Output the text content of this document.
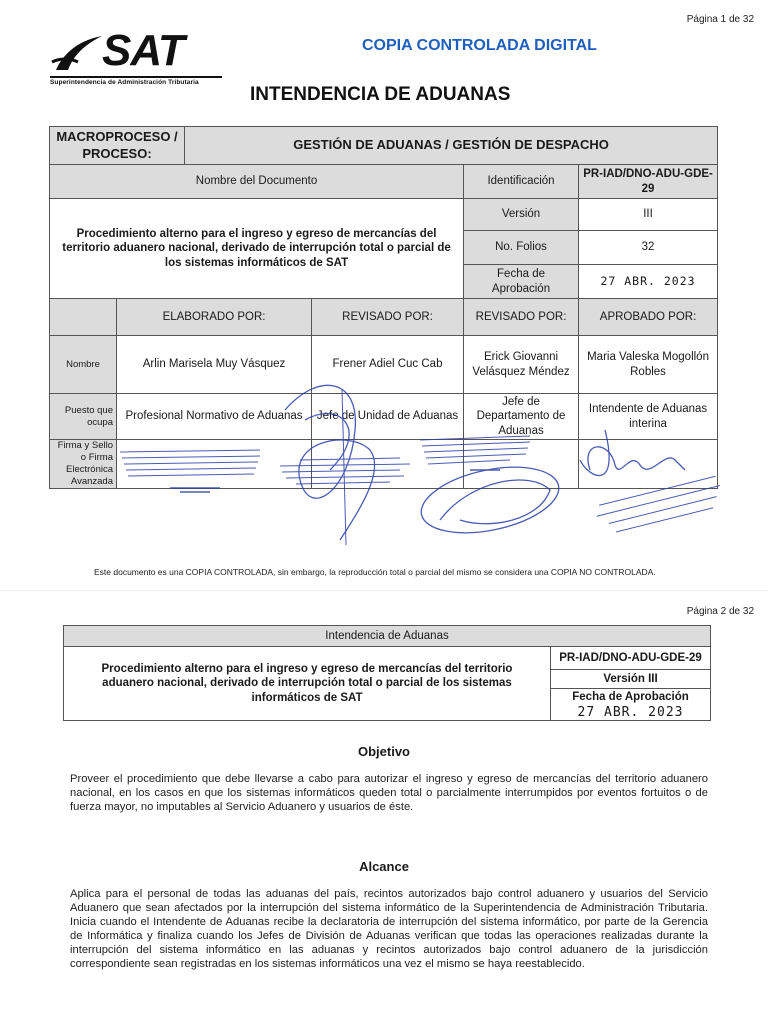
Página 1 de 32
SAT
Superintendencia de Administración Tributaria
COPIA CONTROLADA DIGITAL
INTENDENCIA DE ADUANAS
MACROPROCESO / PROCESO:		GESTIÓN DE ADUANAS / GESTIÓN DE DESPACHO			
Nombre del Documento				Identificación	PR-IAD/DNO-ADU-GDE-29
Procedimiento alterno para el ingreso y egreso de mercancías del territorio aduanero nacional, derivado de interrupción total o parcial de los sistemas informáticos de SAT				Versión	III
				No. Folios	32
				Fecha de Aprobación	27 ABR. 2023
	ELABORADO POR:		REVISADO POR:	REVISADO POR:	APROBADO POR:
Nombre	Arlin Marisela Muy Vásquez		Frener Adiel Cuc Cab	Erick Giovanni Velásquez Méndez	Maria Valeska Mogollón Robles
Puesto que ocupa	Profesional Normativo de Aduanas		Jefe de Unidad de Aduanas	Jefe de Departamento de Aduanas	Intendente de Aduanas interina
Firma y Sello o Firma Electrónica Avanzada					
Este documento es una COPIA CONTROLADA, sin embargo, la reproducción total o parcial del mismo se considera una COPIA NO CONTROLADA.
Página 2 de 32
Intendencia de Aduanas
Procedimiento alterno para el ingreso y egreso de mercancías del territorio aduanero nacional, derivado de interrupción total o parcial de los sistemas informáticos de SAT	PR-IAD/DNO-ADU-GDE-29
Versión III

Fecha de Aprobación
27 ABR. 2023
Objetivo
Proveer el procedimiento que debe llevarse a cabo para autorizar el ingreso y egreso de mercancías del territorio aduanero nacional, en los casos en que los sistemas informáticos queden total o parcialmente interrumpidos por eventos fortuitos o de fuerza mayor, no imputables al Servicio Aduanero y usuarios de éste.
Alcance
Aplica para el personal de todas las aduanas del país, recintos autorizados bajo control aduanero y usuarios del Servicio Aduanero que sean afectados por la interrupción del sistema informático de la Superintendencia de Administración Tributaria. Inicia cuando el Intendente de Aduanas recibe la declaratoria de interrupción del sistema informático, por parte de la Gerencia de Informática y finaliza cuando los Jefes de División de Aduanas verifican que todas las operaciones realizadas durante la interrupción del sistema informático en las aduanas y recintos autorizados bajo control aduanero de la jurisdicción correspondiente sean registradas en los sistemas informáticos una vez el mismo se haya reestablecido.
